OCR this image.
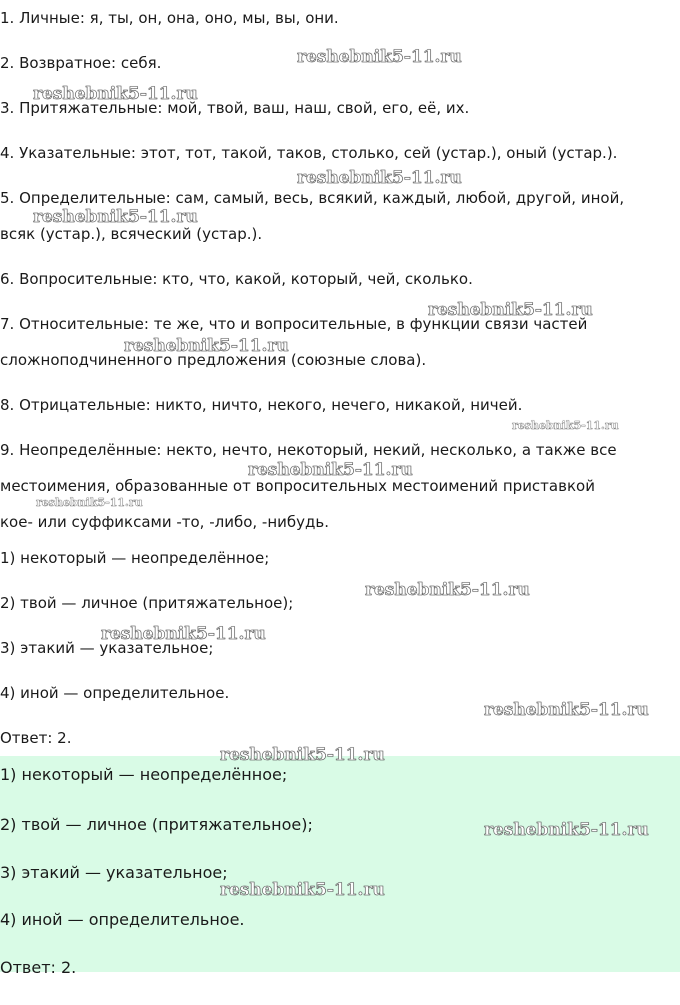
1. Личные: я, ты, он, она, оно, мы, вы, они.
2. Возвратное: себя.
3. Притяжательные: мой, твой, ваш, наш, свой, его, её, их.
4. Указательные: этот, тот, такой, таков, столько, сей (устар.), оный (устар.).
5. Определительные: сам, самый, весь, всякий, каждый, любой, другой, иной,
всяк (устар.), всяческий (устар.).
6. Вопросительные: кто, что, какой, который, чей, сколько.
7. Относительные: те же, что и вопросительные, в функции связи частей
сложноподчиненного предложения (союзные слова).
8. Отрицательные: никто, ничто, некого, нечего, никакой, ничей.
9. Неопределённые: некто, нечто, некоторый, некий, несколько, а также все
местоимения, образованные от вопросительных местоимений приставкой
кое- или суффиксами -то, -либо, -нибудь.
1) некоторый — неопределённое;
2) твой — личное (притяжательное);
3) этакий — указательное;
4) иной — определительное.
Ответ: 2.
1) некоторый — неопределённое;
2) твой — личное (притяжательное);
3) этакий — указательное;
4) иной — определительное.
Ответ: 2.
reshebnik5-11.ru
reshebnik5-11.ru
reshebnik5-11.ru
reshebnik5-11.ru
reshebnik5-11.ru
reshebnik5-11.ru
reshebnik5-11.ru
reshebnik5-11.ru
reshebnik5-11.ru
reshebnik5-11.ru
reshebnik5-11.ru
reshebnik5-11.ru
reshebnik5-11.ru
reshebnik5-11.ru
reshebnik5-11.ru
